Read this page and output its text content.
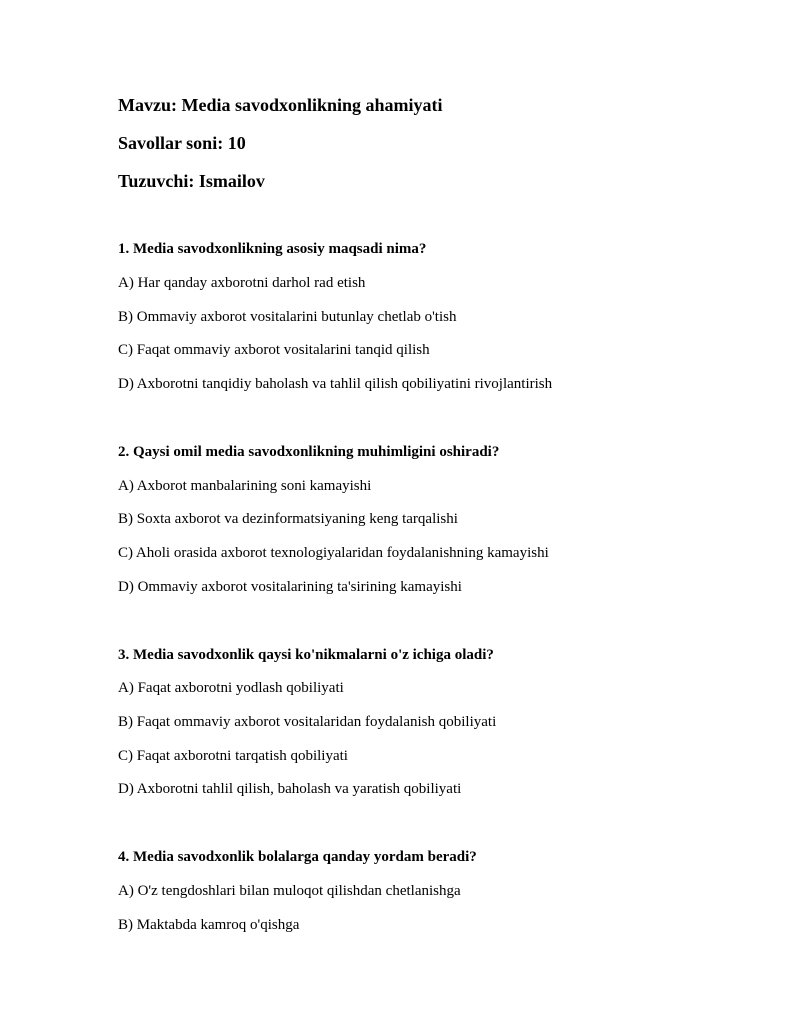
Mavzu: Media savodxonlikning ahamiyati
Savollar soni: 10
Tuzuvchi: Ismailov
1. Media savodxonlikning asosiy maqsadi nima?
A) Har qanday axborotni darhol rad etish
B) Ommaviy axborot vositalarini butunlay chetlab o'tish
C) Faqat ommaviy axborot vositalarini tanqid qilish
D) Axborotni tanqidiy baholash va tahlil qilish qobiliyatini rivojlantirish
2. Qaysi omil media savodxonlikning muhimligini oshiradi?
A) Axborot manbalarining soni kamayishi
B) Soxta axborot va dezinformatsiyaning keng tarqalishi
C) Aholi orasida axborot texnologiyalaridan foydalanishning kamayishi
D) Ommaviy axborot vositalarining ta'sirining kamayishi
3. Media savodxonlik qaysi ko'nikmalarni o'z ichiga oladi?
A) Faqat axborotni yodlash qobiliyati
B) Faqat ommaviy axborot vositalaridan foydalanish qobiliyati
C) Faqat axborotni tarqatish qobiliyati
D) Axborotni tahlil qilish, baholash va yaratish qobiliyati
4. Media savodxonlik bolalarga qanday yordam beradi?
A) O'z tengdoshlari bilan muloqot qilishdan chetlanishga
B) Maktabda kamroq o'qishga
